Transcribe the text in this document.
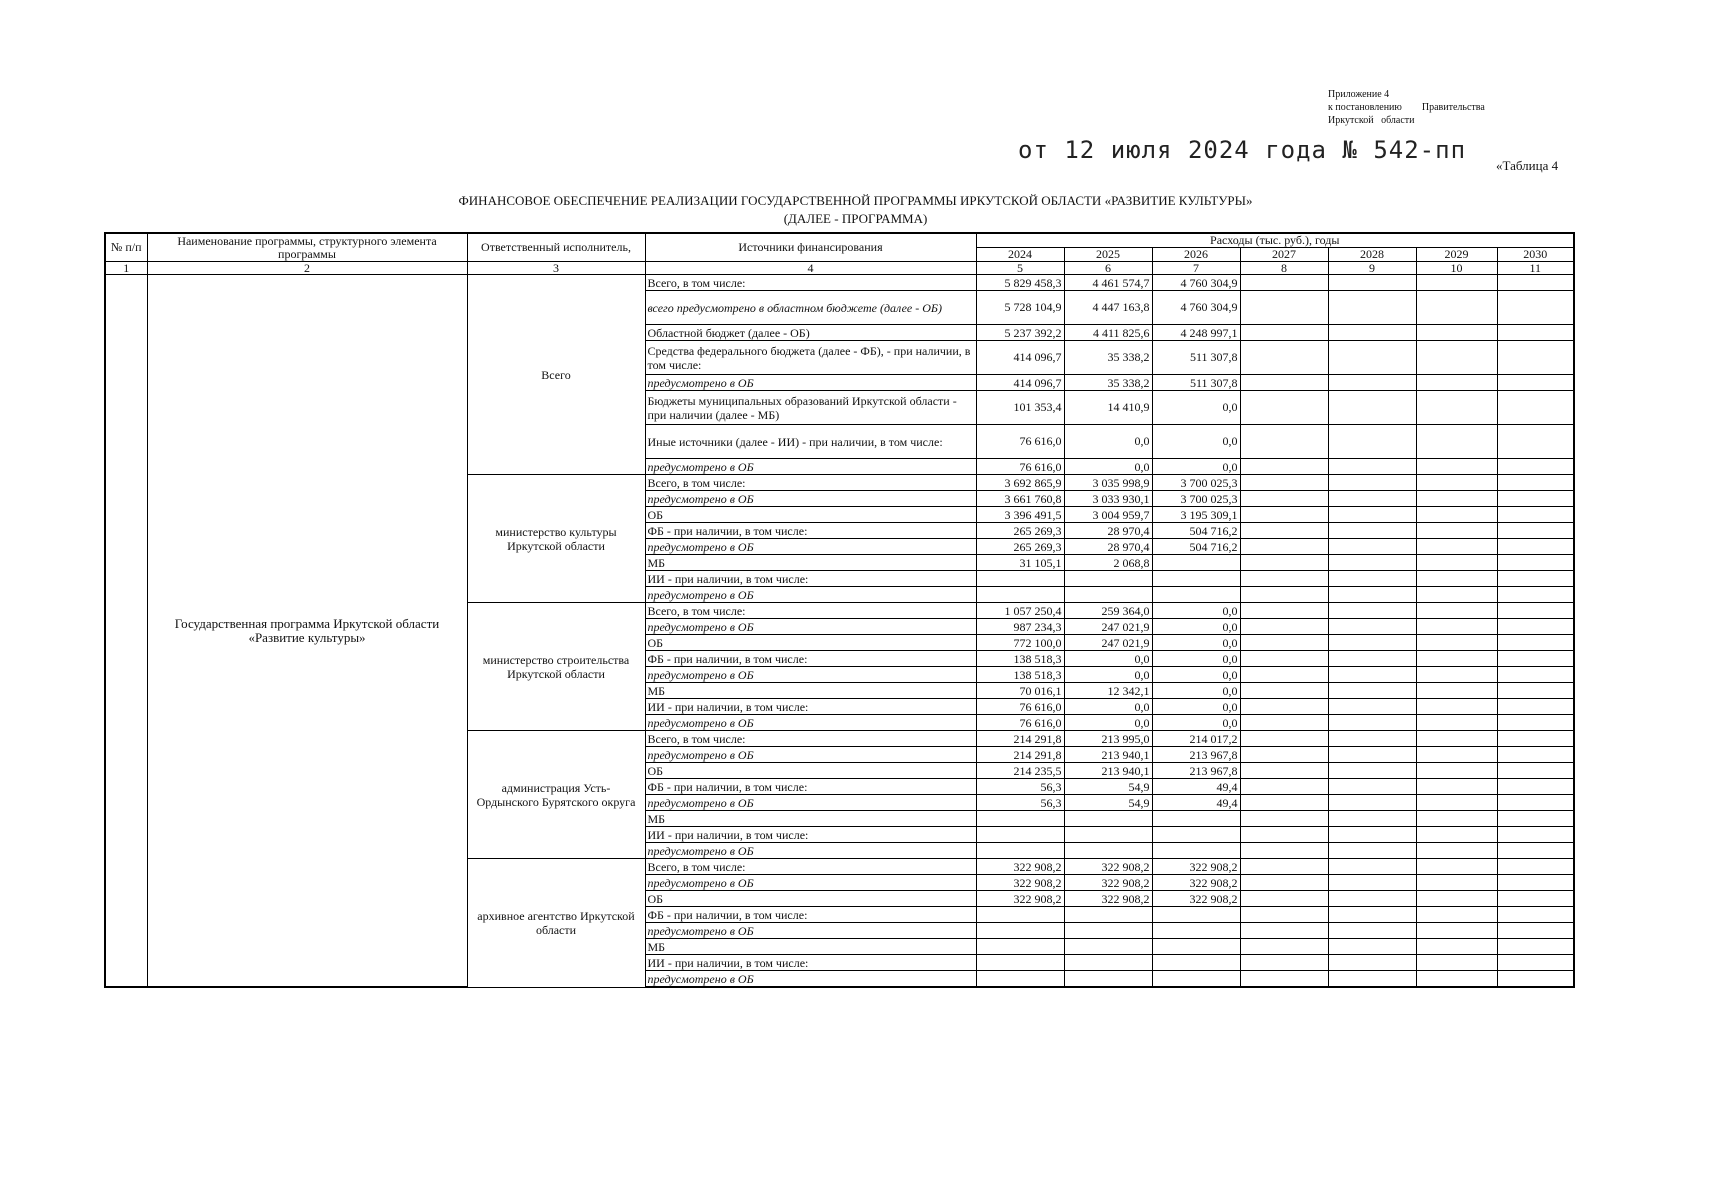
Приложение 4
к постановлению        Правительства
Иркутской   области
от 12 июля 2024 года № 542-пп
«Таблица 4
ФИНАНСОВОЕ ОБЕСПЕЧЕНИЕ РЕАЛИЗАЦИИ ГОСУДАРСТВЕННОЙ ПРОГРАММЫ ИРКУТСКОЙ ОБЛАСТИ «РАЗВИТИЕ КУЛЬТУРЫ»
(ДАЛЕЕ - ПРОГРАММА)
№ п/п	Наименование программы, структурного элемента программы	Ответственный исполнитель,	Источники финансирования	Расходы (тыс. руб.), годы						
				2024	2025	2026	2027	2028	2029	2030
1	2	3	4	5	6	7	8	9	10	11
	Государственная программа Иркутской области «Развитие культуры»	Всего	Всего, в том числе:	5 829 458,3	4 461 574,7	4 760 304,9				
			всего предусмотрено в областном бюджете (далее - ОБ)	5 728 104,9	4 447 163,8	4 760 304,9				
			Областной бюджет (далее - ОБ)	5 237 392,2	4 411 825,6	4 248 997,1				
			Средства федерального бюджета (далее - ФБ), - при наличии, в том числе:	414 096,7	35 338,2	511 307,8				
			предусмотрено в ОБ	414 096,7	35 338,2	511 307,8				
			Бюджеты муниципальных образований Иркутской области - при наличии (далее - МБ)	101 353,4	14 410,9	0,0				
			Иные источники (далее - ИИ) - при наличии, в том числе:	76 616,0	0,0	0,0				
			предусмотрено в ОБ	76 616,0	0,0	0,0				
		министерство культуры Иркутской области	Всего, в том числе:	3 692 865,9	3 035 998,9	3 700 025,3				
			предусмотрено в ОБ	3 661 760,8	3 033 930,1	3 700 025,3				
			ОБ	3 396 491,5	3 004 959,7	3 195 309,1				
			ФБ - при наличии, в том числе:	265 269,3	28 970,4	504 716,2				
			предусмотрено в ОБ	265 269,3	28 970,4	504 716,2				
			МБ	31 105,1	2 068,8					
			ИИ - при наличии, в том числе:							
			предусмотрено в ОБ							
		министерство строительства Иркутской области	Всего, в том числе:	1 057 250,4	259 364,0	0,0				
			предусмотрено в ОБ	987 234,3	247 021,9	0,0				
			ОБ	772 100,0	247 021,9	0,0				
			ФБ - при наличии, в том числе:	138 518,3	0,0	0,0				
			предусмотрено в ОБ	138 518,3	0,0	0,0				
			МБ	70 016,1	12 342,1	0,0				
			ИИ - при наличии, в том числе:	76 616,0	0,0	0,0				
			предусмотрено в ОБ	76 616,0	0,0	0,0				
		администрация Усть-Ордынского Бурятского округа	Всего, в том числе:	214 291,8	213 995,0	214 017,2				
			предусмотрено в ОБ	214 291,8	213 940,1	213 967,8				
			ОБ	214 235,5	213 940,1	213 967,8				
			ФБ - при наличии, в том числе:	56,3	54,9	49,4				
			предусмотрено в ОБ	56,3	54,9	49,4				
			МБ							
			ИИ - при наличии, в том числе:							
			предусмотрено в ОБ							
		архивное агентство Иркутской области	Всего, в том числе:	322 908,2	322 908,2	322 908,2				
			предусмотрено в ОБ	322 908,2	322 908,2	322 908,2				
			ОБ	322 908,2	322 908,2	322 908,2				
			ФБ - при наличии, в том числе:							
			предусмотрено в ОБ							
			МБ							
			ИИ - при наличии, в том числе:							
			предусмотрено в ОБ							
